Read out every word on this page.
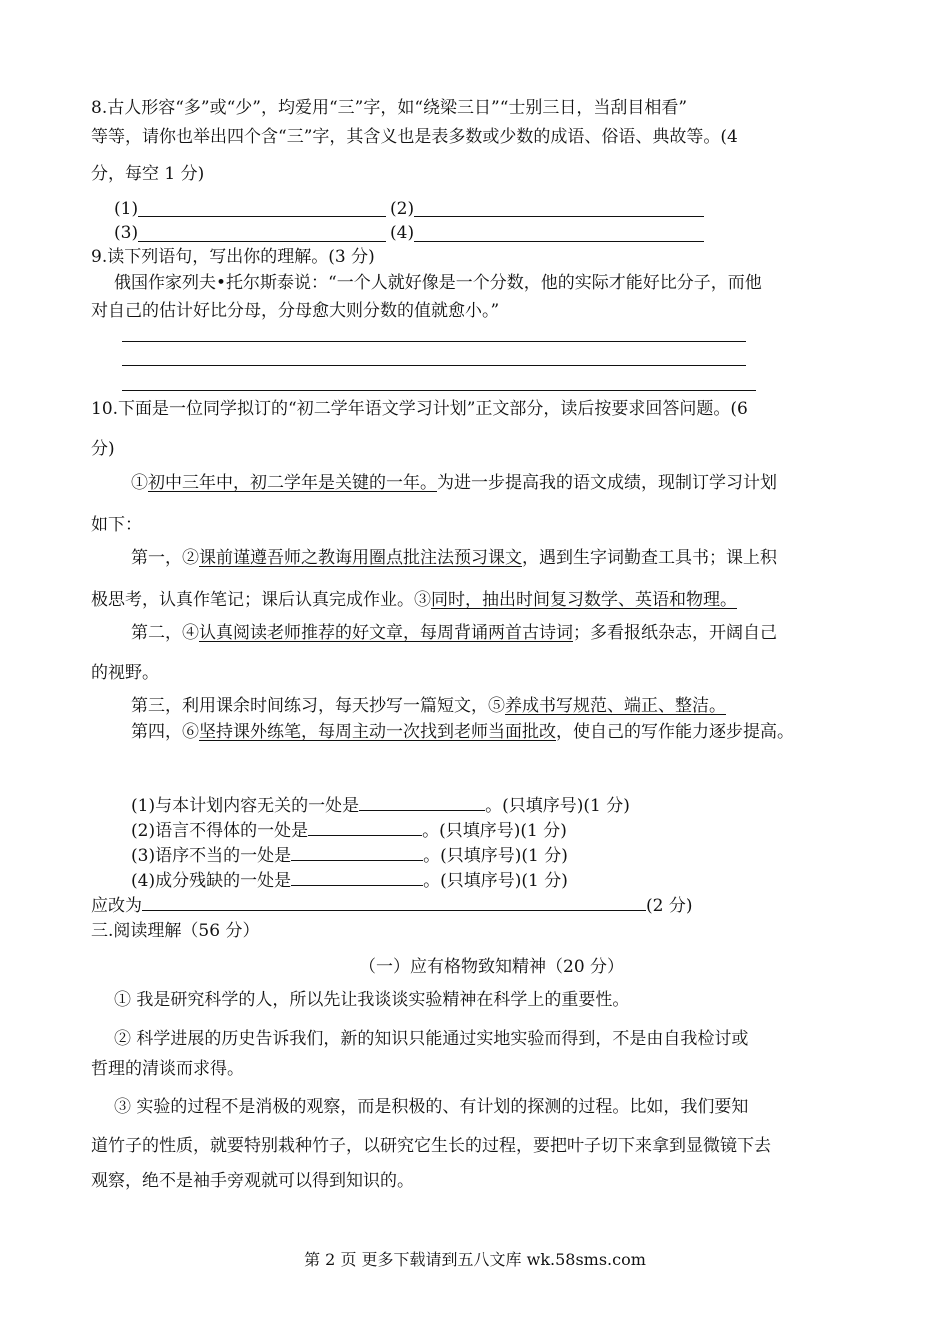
8.古人形容“多”或“少”，均爱用“三”字，如“绕梁三日”“士别三日，当刮目相看”
等等，请你也举出四个含“三”字，其含义也是表多数或少数的成语、俗语、典故等。(4
分，每空 1 分)
(1)	(2)
(3)	(4)
9.读下列语句，写出你的理解。(3 分)
俄国作家列夫•托尔斯泰说：“一个人就好像是一个分数，他的实际才能好比分子，而他
对自己的估计好比分母，分母愈大则分数的值就愈小。”
10.下面是一位同学拟订的“初二学年语文学习计划”正文部分，读后按要求回答问题。(6
分)
①初中三年中，初二学年是关键的一年。为进一步提高我的语文成绩，现制订学习计划
如下：
第一，②课前谨遵吾师之教诲用圈点批注法预习课文，遇到生字词勤查工具书；课上积
极思考，认真作笔记；课后认真完成作业。③同时，抽出时间复习数学、英语和物理。
第二，④认真阅读老师推荐的好文章，每周背诵两首古诗词；多看报纸杂志，开阔自己
的视野。
第三，利用课余时间练习，每天抄写一篇短文，⑤养成书写规范、端正、整洁。
第四，⑥坚持课外练笔，每周主动一次找到老师当面批改，使自己的写作能力逐步提高。
(1)与本计划内容无关的一处是	。(只填序号)(1 分)
(2)语言不得体的一处是	。(只填序号)(1 分)
(3)语序不当的一处是	。(只填序号)(1 分)
(4)成分残缺的一处是	。(只填序号)(1 分)
应改为	(2 分)
三.阅读理解（56 分）
（一）应有格物致知精神（20 分）
① 我是研究科学的人，所以先让我谈谈实验精神在科学上的重要性。
② 科学进展的历史告诉我们，新的知识只能通过实地实验而得到，不是由自我检讨或
哲理的清谈而求得。
③ 实验的过程不是消极的观察，而是积极的、有计划的探测的过程。比如，我们要知
道竹子的性质，就要特别栽种竹子，以研究它生长的过程，要把叶子切下来拿到显微镜下去
观察，绝不是袖手旁观就可以得到知识的。
第 2 页 更多下载请到五八文库 wk.58sms.com
